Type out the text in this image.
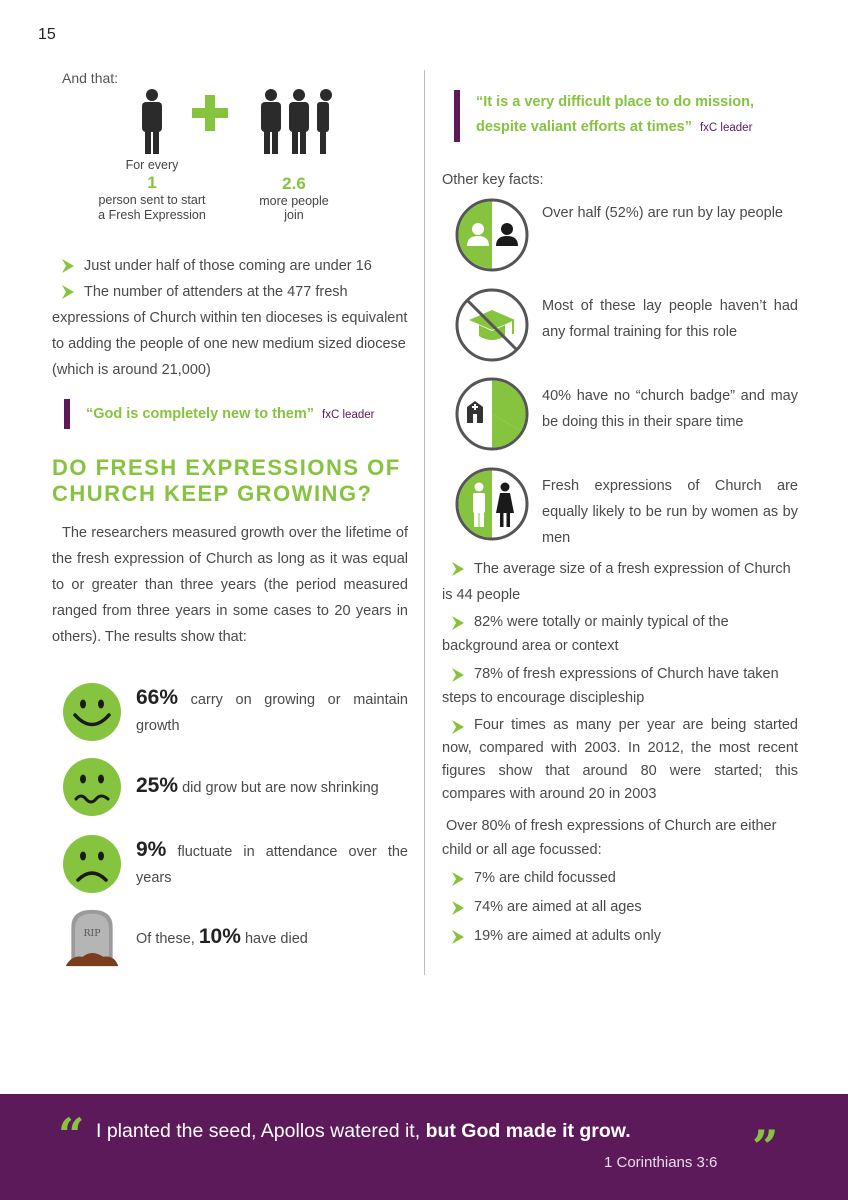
15
And that:
For every
1
person sent to start a Fresh Expression
2.6
more people join
Just under half of those coming are under 16
The number of attenders at the 477 fresh expressions of Church within ten dioceses is equivalent to adding the people of one new medium sized diocese (which is around 21,000)
“God is completely new to them” fxC leader
DO FRESH EXPRESSIONS OF CHURCH KEEP GROWING?

The researchers measured growth over the lifetime of the fresh expression of Church as long as it was equal to or greater than three years (the period measured ranged from three years in some cases to 20 years in others). The results show that:

66% carry on growing or maintain growth
25% did grow but are now shrinking
9% fluctuate in attendance over the years
RIP Of these, 10% have died
“It is a very difficult place to do mission,
despite valiant efforts at times” fxC leader
Other key facts:
Over half (52%) are run by lay people
Most of these lay people haven’t had any formal training for this role
40% have no “church badge” and may be doing this in their spare time
Fresh expressions of Church are equally likely to be run by women as by men
The average size of a fresh expression of Church is 44 people
82% were totally or mainly typical of the background area or context
78% of fresh expressions of Church have taken steps to encourage discipleship
Four times as many per year are being started now, compared with 2003. In 2012, the most recent figures show that around 80 were started; this compares with around 20 in 2003
Over 80% of fresh expressions of Church are either child or all age focussed:
7% are child focussed
74% are aimed at all ages
19% are aimed at adults only
“ I planted the seed, Apollos watered it, but God made it grow.	”
1 Corinthians 3:6
